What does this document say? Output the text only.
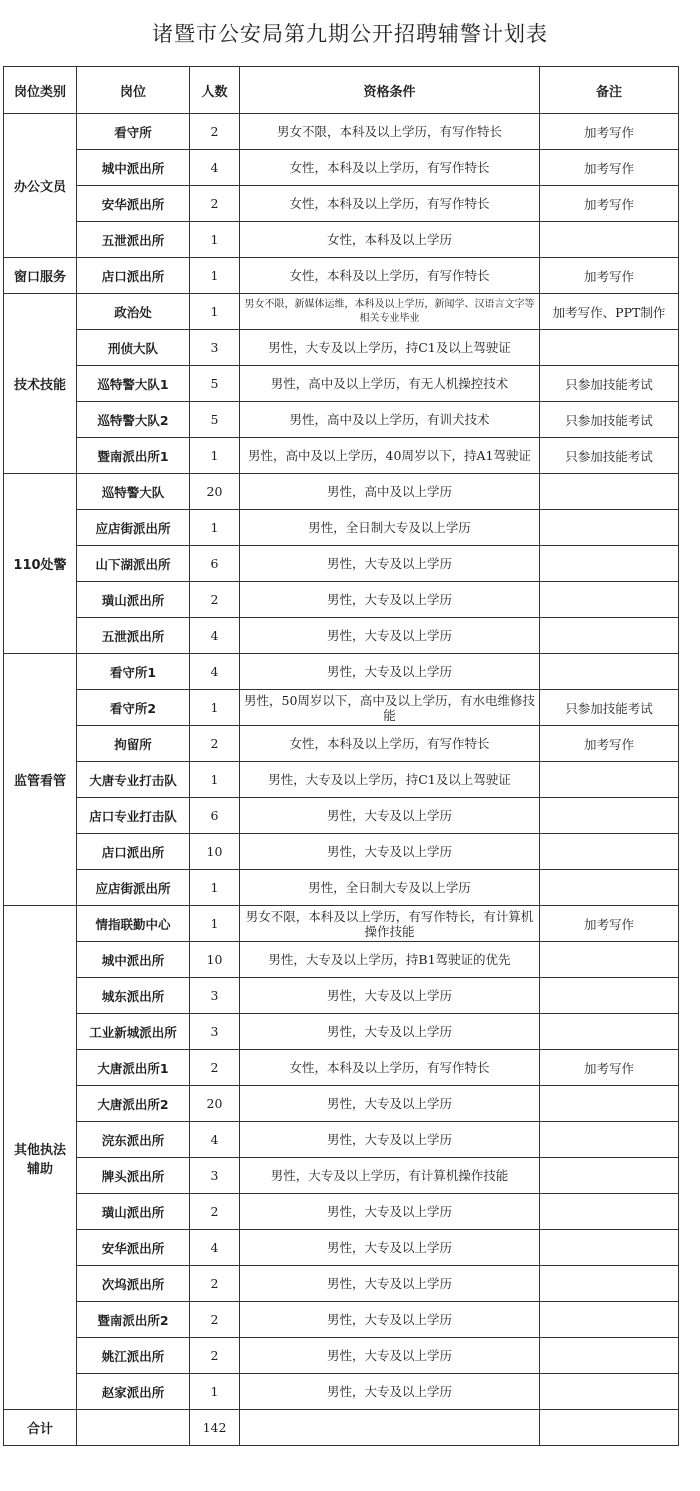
诸暨市公安局第九期公开招聘辅警计划表
岗位类别	岗位	人数	资格条件	备注
办公文员	看守所	2	男女不限，本科及以上学历，有写作特长	加考写作
	城中派出所	4	女性，本科及以上学历，有写作特长	加考写作
	安华派出所	2	女性，本科及以上学历，有写作特长	加考写作
	五泄派出所	1	女性，本科及以上学历	
窗口服务	店口派出所	1	女性，本科及以上学历，有写作特长	加考写作
技术技能	政治处	1	男女不限，新媒体运维，本科及以上学历，新闻学、汉语言文字等相关专业毕业	加考写作、PPT制作
	刑侦大队	3	男性，大专及以上学历，持C1及以上驾驶证	
	巡特警大队1	5	男性，高中及以上学历，有无人机操控技术	只参加技能考试
	巡特警大队2	5	男性，高中及以上学历，有训犬技术	只参加技能考试
	暨南派出所1	1	男性，高中及以上学历，40周岁以下，持A1驾驶证	只参加技能考试
110处警	巡特警大队	20	男性，高中及以上学历	
	应店街派出所	1	男性，全日制大专及以上学历	
	山下湖派出所	6	男性，大专及以上学历	
	璜山派出所	2	男性，大专及以上学历	
	五泄派出所	4	男性，大专及以上学历	
监管看管	看守所1	4	男性，大专及以上学历	
	看守所2	1	男性，50周岁以下，高中及以上学历，有水电维修技能	只参加技能考试
	拘留所	2	女性，本科及以上学历，有写作特长	加考写作
	大唐专业打击队	1	男性，大专及以上学历，持C1及以上驾驶证	
	店口专业打击队	6	男性，大专及以上学历	
	店口派出所	10	男性，大专及以上学历	
	应店街派出所	1	男性，全日制大专及以上学历	
其他执法辅助	情指联勤中心	1	男女不限，本科及以上学历，有写作特长，有计算机操作技能	加考写作
	城中派出所	10	男性，大专及以上学历，持B1驾驶证的优先	
	城东派出所	3	男性，大专及以上学历	
	工业新城派出所	3	男性，大专及以上学历	
	大唐派出所1	2	女性，本科及以上学历，有写作特长	加考写作
	大唐派出所2	20	男性，大专及以上学历	
	浣东派出所	4	男性，大专及以上学历	
	牌头派出所	3	男性，大专及以上学历，有计算机操作技能	
	璜山派出所	2	男性，大专及以上学历	
	安华派出所	4	男性，大专及以上学历	
	次坞派出所	2	男性，大专及以上学历	
	暨南派出所2	2	男性，大专及以上学历	
	姚江派出所	2	男性，大专及以上学历	
	赵家派出所	1	男性，大专及以上学历	
合计		142		
